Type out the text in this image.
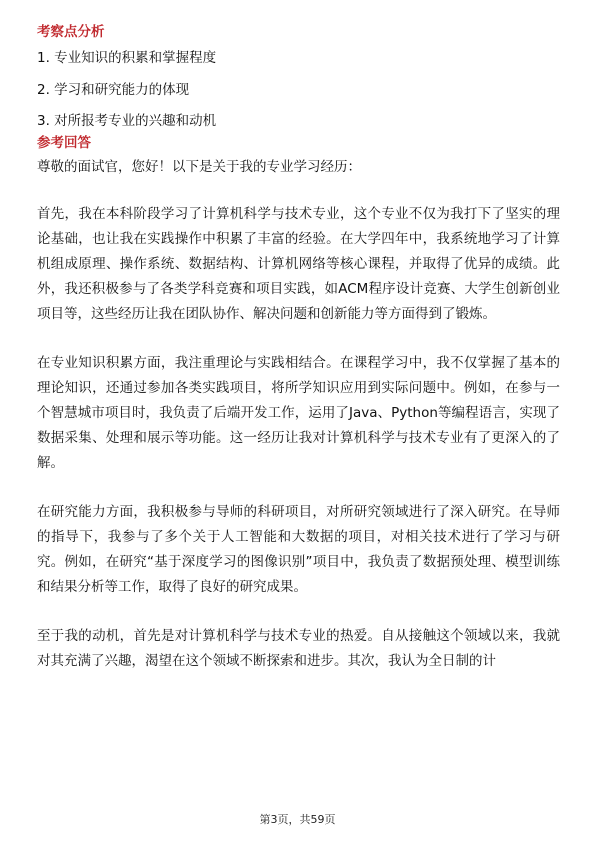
考察点分析
1. 专业知识的积累和掌握程度
2. 学习和研究能力的体现
3. 对所报考专业的兴趣和动机
参考回答

尊敬的面试官，您好！以下是关于我的专业学习经历：

首先，我在本科阶段学习了计算机科学与技术专业，这个专业不仅为我打下了坚实的理论基础，也让我在实践操作中积累了丰富的经验。在大学四年中，我系统地学习了计算机组成原理、操作系统、数据结构、计算机网络等核心课程，并取得了优异的成绩。此外，我还积极参与了各类学科竞赛和项目实践，如ACM程序设计竞赛、大学生创新创业项目等，这些经历让我在团队协作、解决问题和创新能力等方面得到了锻炼。

在专业知识积累方面，我注重理论与实践相结合。在课程学习中，我不仅掌握了基本的理论知识，还通过参加各类实践项目，将所学知识应用到实际问题中。例如，在参与一个智慧城市项目时，我负责了后端开发工作，运用了Java、Python等编程语言，实现了数据采集、处理和展示等功能。这一经历让我对计算机科学与技术专业有了更深入的了解。

在研究能力方面，我积极参与导师的科研项目，对所研究领域进行了深入研究。在导师的指导下，我参与了多个关于人工智能和大数据的项目，对相关技术进行了学习与研究。例如，在研究“基于深度学习的图像识别”项目中，我负责了数据预处理、模型训练和结果分析等工作，取得了良好的研究成果。

至于我的动机，首先是对计算机科学与技术专业的热爱。自从接触这个领域以来，我就对其充满了兴趣，渴望在这个领域不断探索和进步。其次，我认为全日制的计

第3页，共59页
